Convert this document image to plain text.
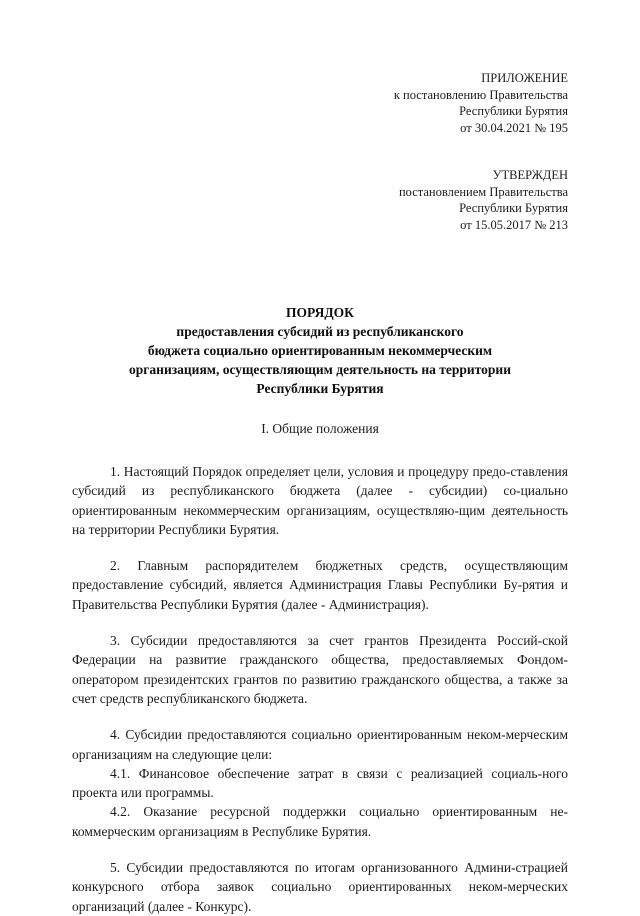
ПРИЛОЖЕНИЕ
к постановлению Правительства
Республики Бурятия
от 30.04.2021 № 195
УТВЕРЖДЕН
постановлением Правительства
Республики Бурятия
от 15.05.2017 № 213
ПОРЯДОК
предоставления субсидий из республиканского
бюджета социально ориентированным некоммерческим
организациям, осуществляющим деятельность на территории
Республики Бурятия
I. Общие положения

1. Настоящий Порядок определяет цели, условия и процедуру предо-ставления субсидий из республиканского бюджета (далее - субсидии) со-циально ориентированным некоммерческим организациям, осуществляю-щим деятельность на территории Республики Бурятия.

2. Главным распорядителем бюджетных средств, осуществляющим предоставление субсидий, является Администрация Главы Республики Бу-рятия и Правительства Республики Бурятия (далее - Администрация).

3. Субсидии предоставляются за счет грантов Президента Россий-ской Федерации на развитие гражданского общества, предоставляемых Фондом-оператором президентских грантов по развитию гражданского общества, а также за счет средств республиканского бюджета.

4. Субсидии предоставляются социально ориентированным неком-мерческим организациям на следующие цели:

4.1. Финансовое обеспечение затрат в связи с реализацией социаль-ного проекта или программы.

4.2. Оказание ресурсной поддержки социально ориентированным не-коммерческим организациям в Республике Бурятия.

5. Субсидии предоставляются по итогам организованного Админи-страцией конкурсного отбора заявок социально ориентированных неком-мерческих организаций (далее - Конкурс).
